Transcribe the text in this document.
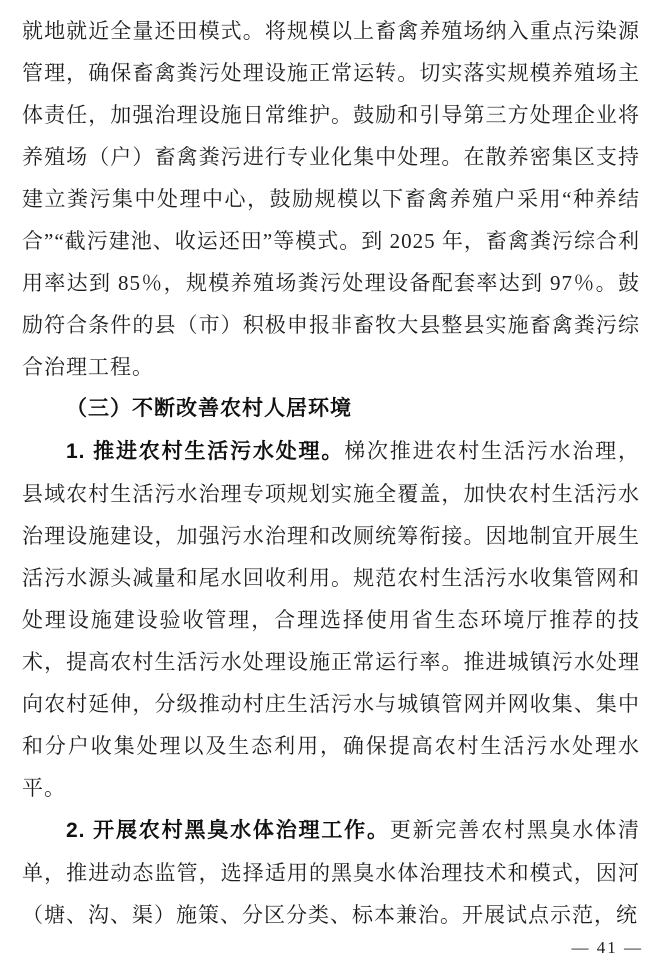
就地就近全量还田模式。将规模以上畜禽养殖场纳入重点污染源管理，确保畜禽粪污处理设施正常运转。切实落实规模养殖场主体责任，加强治理设施日常维护。鼓励和引导第三方处理企业将养殖场（户）畜禽粪污进行专业化集中处理。在散养密集区支持建立粪污集中处理中心，鼓励规模以下畜禽养殖户采用“种养结合”“截污建池、收运还田”等模式。到 2025 年，畜禽粪污综合利用率达到 85％，规模养殖场粪污处理设备配套率达到 97％。鼓励符合条件的县（市）积极申报非畜牧大县整县实施畜禽粪污综合治理工程。

（三）不断改善农村人居环境

1. 推进农村生活污水处理。梯次推进农村生活污水治理，县域农村生活污水治理专项规划实施全覆盖，加快农村生活污水治理设施建设，加强污水治理和改厕统筹衔接。因地制宜开展生活污水源头减量和尾水回收利用。规范农村生活污水收集管网和处理设施建设验收管理，合理选择使用省生态环境厅推荐的技术，提高农村生活污水处理设施正常运行率。推进城镇污水处理向农村延伸，分级推动村庄生活污水与城镇管网并网收集、集中和分户收集处理以及生态利用，确保提高农村生活污水处理水平。

2. 开展农村黑臭水体治理工作。更新完善农村黑臭水体清单，推进动态监管，选择适用的黑臭水体治理技术和模式，因河（塘、沟、渠）施策、分区分类、标本兼治。开展试点示范，统

— 41 —
